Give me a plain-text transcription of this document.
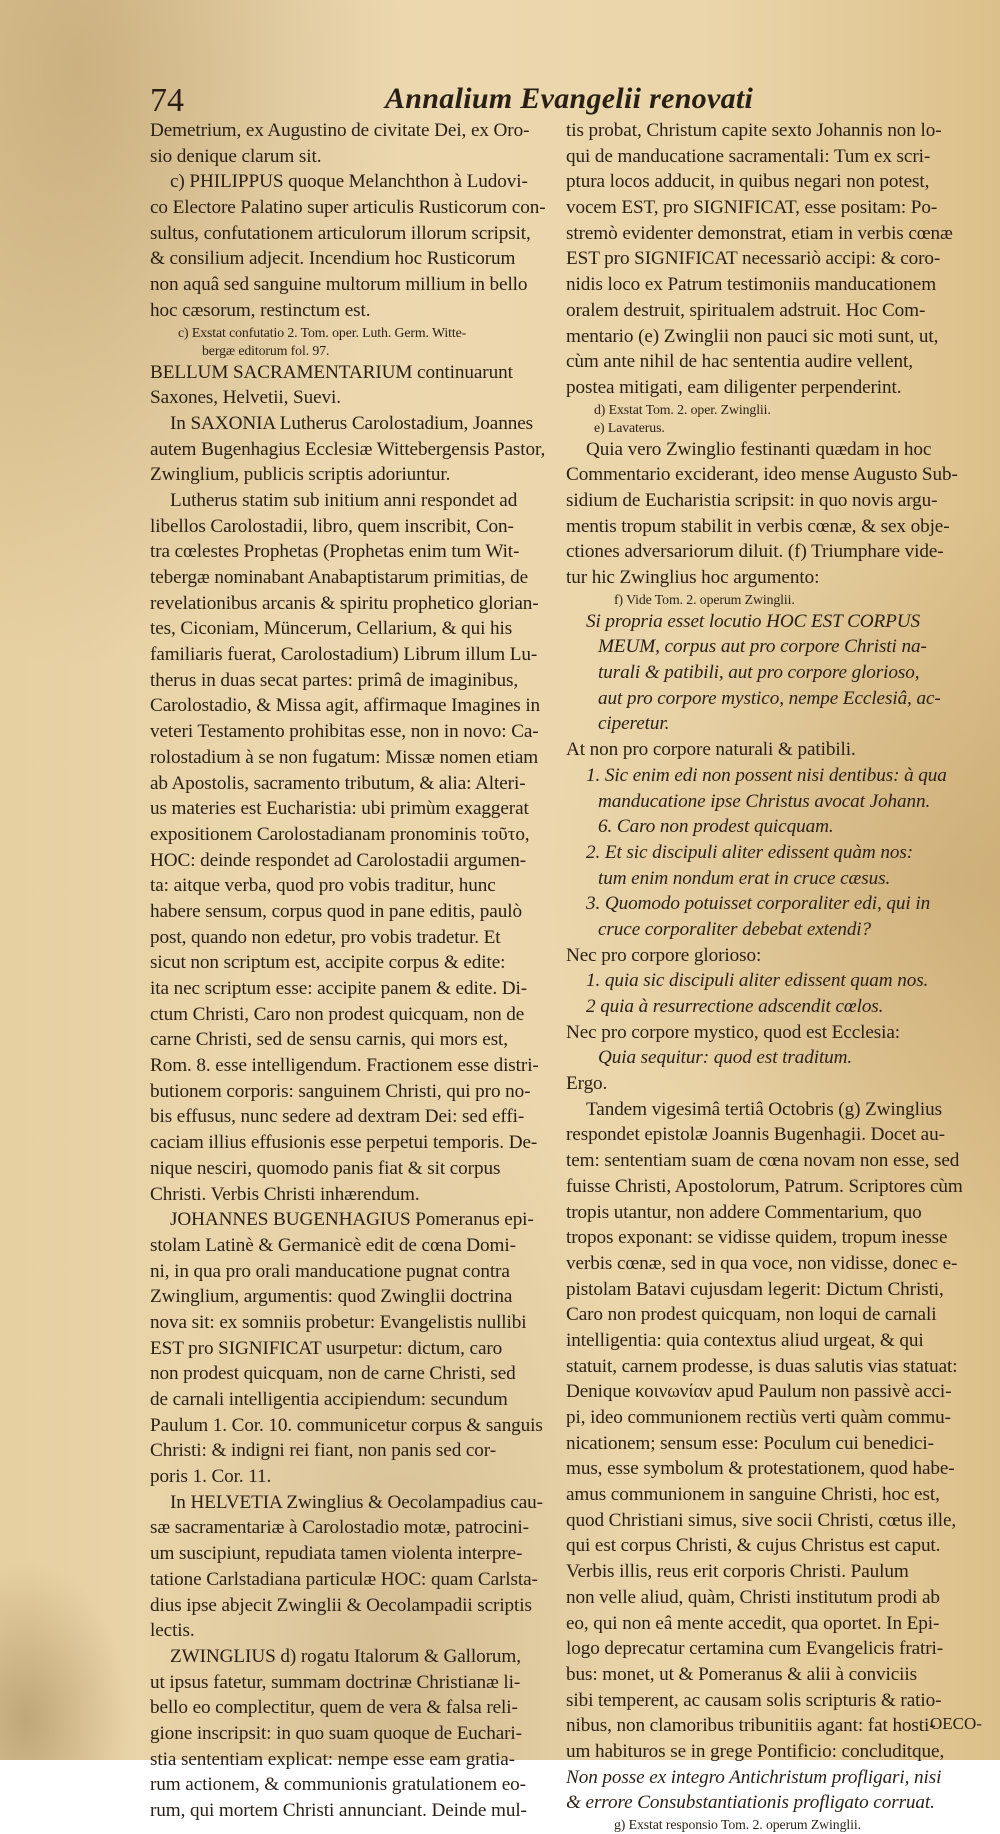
74	Annalium Evangelii renovati
Demetrium, ex Augustino de civitate Dei, ex Oro-
sio denique clarum sit.
c) PHILIPPUS quoque Melanchthon à Ludovi-
co Electore Palatino super articulis Rusticorum con-
sultus, confutationem articulorum illorum scripsit,
& consilium adjecit. Incendium hoc Rusticorum
non aquâ sed sanguine multorum millium in bello
hoc cæsorum, restinctum est.
c) Exstat confutatio 2. Tom. oper. Luth. Germ. Witte-
bergæ editorum fol. 97.
BELLUM SACRAMENTARIUM continuarunt
Saxones, Helvetii, Suevi.
In SAXONIA Lutherus Carolostadium, Joannes
autem Bugenhagius Ecclesiæ Wittebergensis Pastor,
Zwinglium, publicis scriptis adoriuntur.
Lutherus statim sub initium anni respondet ad
libellos Carolostadii, libro, quem inscribit, Con-
tra cœlestes Prophetas (Prophetas enim tum Wit-
tebergæ nominabant Anabaptistarum primitias, de
revelationibus arcanis & spiritu prophetico glorian-
tes, Ciconiam, Müncerum, Cellarium, & qui his
familiaris fuerat, Carolostadium) Librum illum Lu-
therus in duas secat partes: primâ de imaginibus,
Carolostadio, & Missa agit, affirmaque Imagines in
veteri Testamento prohibitas esse, non in novo: Ca-
rolostadium à se non fugatum: Missæ nomen etiam
ab Apostolis, sacramento tributum, & alia: Alteri-
us materies est Eucharistia: ubi primùm exaggerat
expositionem Carolostadianam pronominis τοῦτο,
HOC: deinde respondet ad Carolostadii argumen-
ta: aitque verba, quod pro vobis traditur, hunc
habere sensum, corpus quod in pane editis, paulò
post, quando non edetur, pro vobis tradetur. Et
sicut non scriptum est, accipite corpus & edite:
ita nec scriptum esse: accipite panem & edite. Di-
ctum Christi, Caro non prodest quicquam, non de
carne Christi, sed de sensu carnis, qui mors est,
Rom. 8. esse intelligendum. Fractionem esse distri-
butionem corporis: sanguinem Christi, qui pro no-
bis effusus, nunc sedere ad dextram Dei: sed effi-
caciam illius effusionis esse perpetui temporis. De-
nique nesciri, quomodo panis fiat & sit corpus
Christi. Verbis Christi inhærendum.
JOHANNES BUGENHAGIUS Pomeranus epi-
stolam Latinè & Germanicè edit de cœna Domi-
ni, in qua pro orali manducatione pugnat contra
Zwinglium, argumentis: quod Zwinglii doctrina
nova sit: ex somniis probetur: Evangelistis nullibi
EST pro SIGNIFICAT usurpetur: dictum, caro
non prodest quicquam, non de carne Christi, sed
de carnali intelligentia accipiendum: secundum
Paulum 1. Cor. 10. communicetur corpus & sanguis
Christi: & indigni rei fiant, non panis sed cor-
poris 1. Cor. 11.
In HELVETIA Zwinglius & Oecolampadius cau-
sæ sacramentariæ à Carolostadio motæ, patrocini-
um suscipiunt, repudiata tamen violenta interpre-
tatione Carlstadiana particulæ HOC: quam Carlsta-
dius ipse abjecit Zwinglii & Oecolampadii scriptis
lectis.
ZWINGLIUS d) rogatu Italorum & Gallorum,
ut ipsus fatetur, summam doctrinæ Christianæ li-
bello eo complectitur, quem de vera & falsa reli-
gione inscripsit: in quo suam quoque de Euchari-
stia sententiam explicat: nempe esse eam gratia-
rum actionem, & communionis gratulationem eo-
rum, qui mortem Christi annunciant. Deinde mul-
tis probat, Christum capite sexto Johannis non lo-
qui de manducatione sacramentali: Tum ex scri-
ptura locos adducit, in quibus negari non potest,
vocem EST, pro SIGNIFICAT, esse positam: Po-
stremò evidenter demonstrat, etiam in verbis cœnæ
EST pro SIGNIFICAT necessariò accipi: & coro-
nidis loco ex Patrum testimoniis manducationem
oralem destruit, spiritualem adstruit. Hoc Com-
mentario (e) Zwinglii non pauci sic moti sunt, ut,
cùm ante nihil de hac sententia audire vellent,
postea mitigati, eam diligenter perpenderint.
d) Exstat Tom. 2. oper. Zwinglii.
e) Lavaterus.
Quia vero Zwinglio festinanti quædam in hoc
Commentario exciderant, ideo mense Augusto Sub-
sidium de Eucharistia scripsit: in quo novis argu-
mentis tropum stabilit in verbis cœnæ, & sex obje-
ctiones adversariorum diluit. (f) Triumphare vide-
tur hic Zwinglius hoc argumento:
f) Vide Tom. 2. operum Zwinglii.
Si propria esset locutio HOC EST CORPUS
MEUM, corpus aut pro corpore Christi na-
turali & patibili, aut pro corpore glorioso,
aut pro corpore mystico, nempe Ecclesiâ, ac-
ciperetur.
At non pro corpore naturali & patibili.
1. Sic enim edi non possent nisi dentibus: à qua
manducatione ipse Christus avocat Johann.
6. Caro non prodest quicquam.
2. Et sic discipuli aliter edissent quàm nos:
tum enim nondum erat in cruce cæsus.
3. Quomodo potuisset corporaliter edi, qui in
cruce corporaliter debebat extendi?
Nec pro corpore glorioso:
1. quia sic discipuli aliter edissent quam nos.
2 quia à resurrectione adscendit cœlos.
Nec pro corpore mystico, quod est Ecclesia:
Quia sequitur: quod est traditum.
Ergo.
Tandem vigesimâ tertiâ Octobris (g) Zwinglius
respondet epistolæ Joannis Bugenhagii. Docet au-
tem: sententiam suam de cœna novam non esse, sed
fuisse Christi, Apostolorum, Patrum. Scriptores cùm
tropis utantur, non addere Commentarium, quo
tropos exponant: se vidisse quidem, tropum inesse
verbis cœnæ, sed in qua voce, non vidisse, donec e-
pistolam Batavi cujusdam legerit: Dictum Christi,
Caro non prodest quicquam, non loqui de carnali
intelligentia: quia contextus aliud urgeat, & qui
statuit, carnem prodesse, is duas salutis vias statuat:
Denique κοινωνίαν apud Paulum non passivè acci-
pi, ideo communionem rectiùs verti quàm commu-
nicationem; sensum esse: Poculum cui benedici-
mus, esse symbolum & protestationem, quod habe-
amus communionem in sanguine Christi, hoc est,
quod Christiani simus, sive socii Christi, cœtus ille,
qui est corpus Christi, & cujus Christus est caput.
Verbis illis, reus erit corporis Christi. Paulum
non velle aliud, quàm, Christi institutum prodi ab
eo, qui non eâ mente accedit, qua oportet. In Epi-
logo deprecatur certamina cum Evangelicis fratri-
bus: monet, ut & Pomeranus & alii à conviciis
sibi temperent, ac causam solis scripturis & ratio-
nibus, non clamoribus tribunitiis agant: fat hosti-
um habituros se in grege Pontificio: concluditque,
Non posse ex integro Antichristum profligari, nisi
& errore Consubstantiationis profligato corruat.
g) Exstat responsio Tom. 2. operum Zwinglii.
OECO-
